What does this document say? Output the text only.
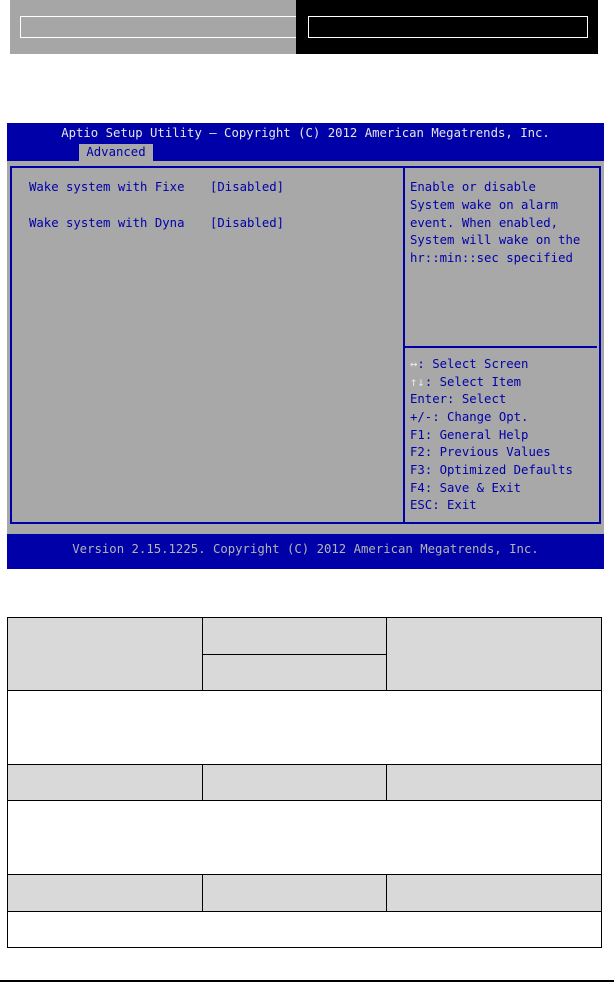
Aptio Setup Utility – Copyright (C) 2012 American Megatrends, Inc.
Advanced
Wake system with Fixe [Disabled]
Wake system with Dyna [Disabled]
Enable or disable
System wake on alarm
event. When enabled,
System will wake on the
hr::min::sec specified
↔: Select Screen
↑↓: Select Item
Enter: Select
+/-: Change Opt.
F1: General Help
F2: Previous Values
F3: Optimized Defaults
F4: Save & Exit
ESC: Exit
Version 2.15.1225. Copyright (C) 2012 American Megatrends, Inc.
